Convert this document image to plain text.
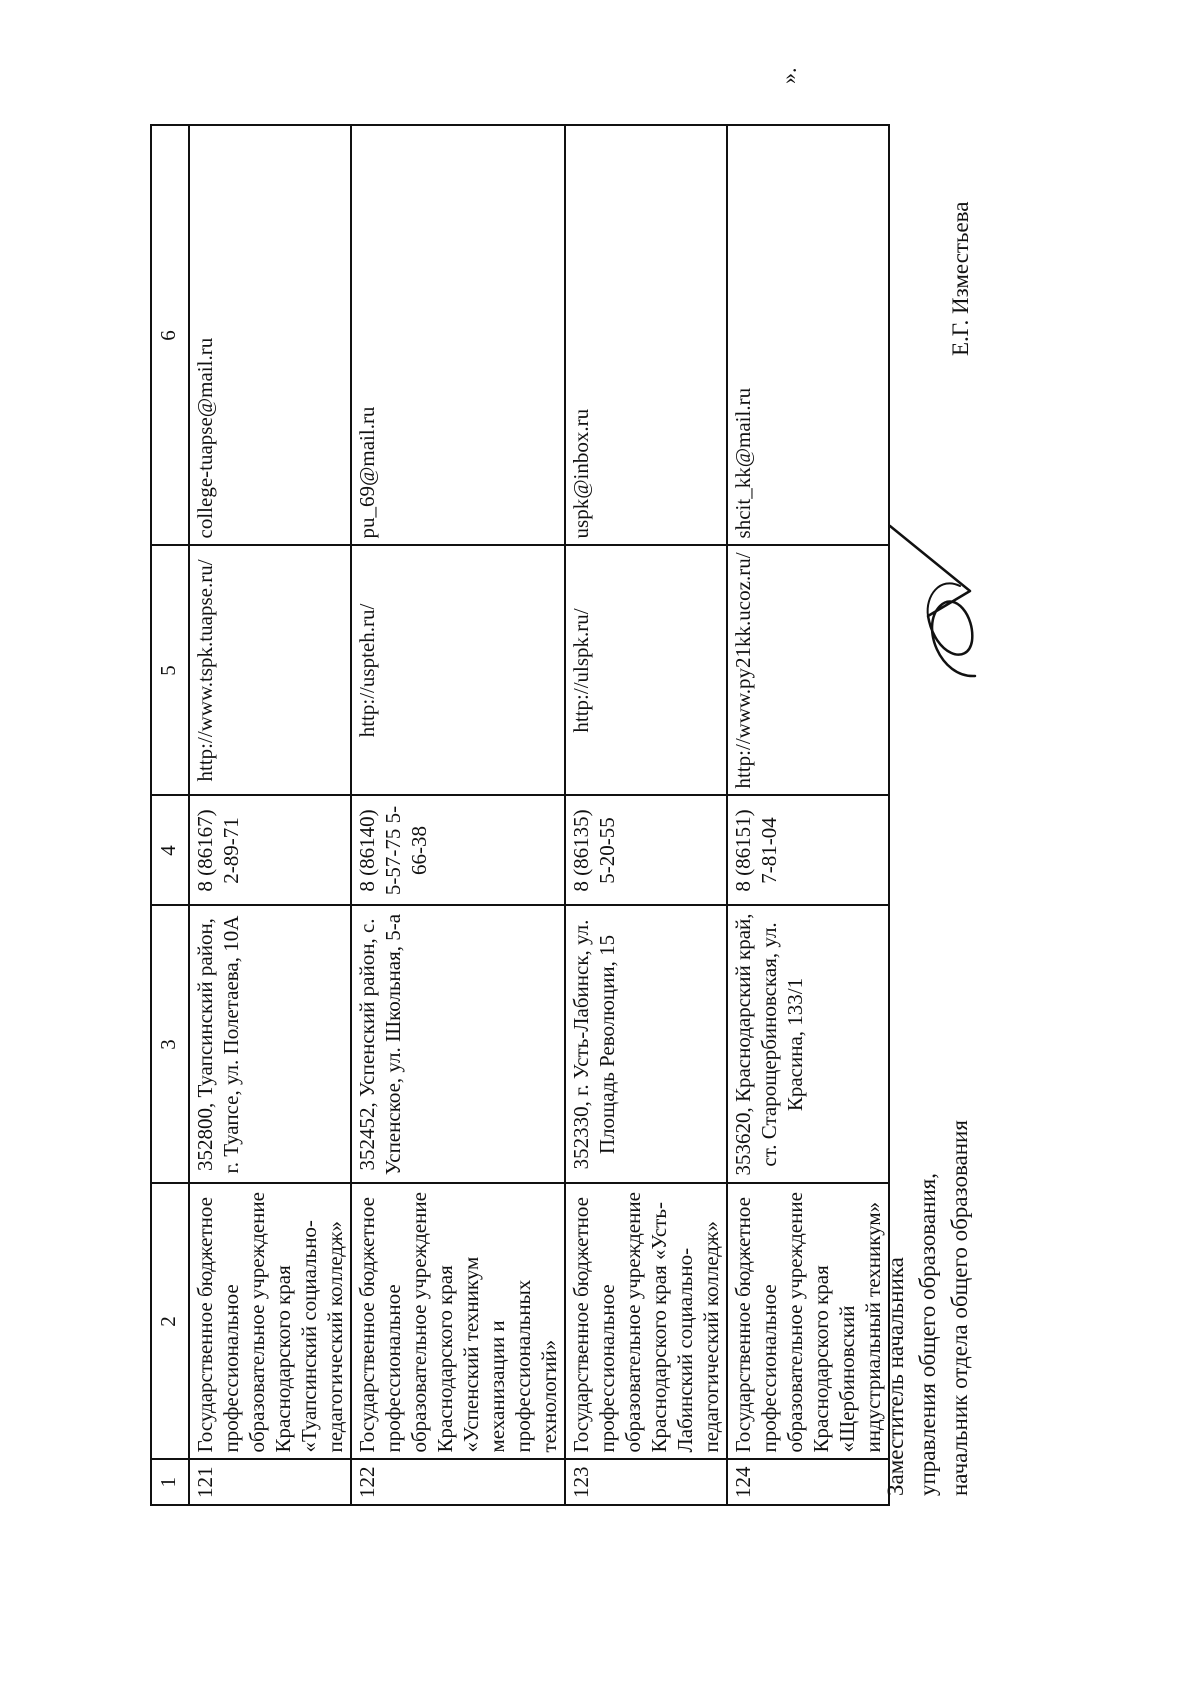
1	2	3	4	5	6
121	Государственное бюджетное профессиональное образовательное учреждение Краснодарского края «Туапсинский социально-педагогический колледж»	352800, Туапсинский район, г. Туапсе, ул. Полетаева, 10А	8 (86167) 2-89-71	http://www.tspk.tuapse.ru/	college-tuapse@mail.ru
122	Государственное бюджетное профессиональное образовательное учреждение Краснодарского края «Успенский техникум механизации и профессиональных технологий»	352452, Успенский район, с. Успенское, ул. Школьная, 5-а	8 (86140) 5-57-75 5-66-38	http://uspteh.ru/	pu_69@mail.ru
123	Государственное бюджетное профессиональное образовательное учреждение Краснодарского края «Усть-Лабинский социально-педагогический колледж»	352330, г. Усть-Лабинск, ул. Площадь Революции, 15	8 (86135) 5-20-55	http://ulspk.ru/	uspk@inbox.ru
124	Государственное бюджетное профессиональное образовательное учреждение Краснодарского края «Щербиновский индустриальный техникум»	353620, Краснодарский край, ст. Старощербиновская, ул. Красина, 133/1	8 (86151) 7-81-04	http://www.py21kk.ucoz.ru/	shcit_kk@mail.ru
».
Заместитель начальника управления общего образования, начальник отдела общего образования
Е.Г. Изместьева
